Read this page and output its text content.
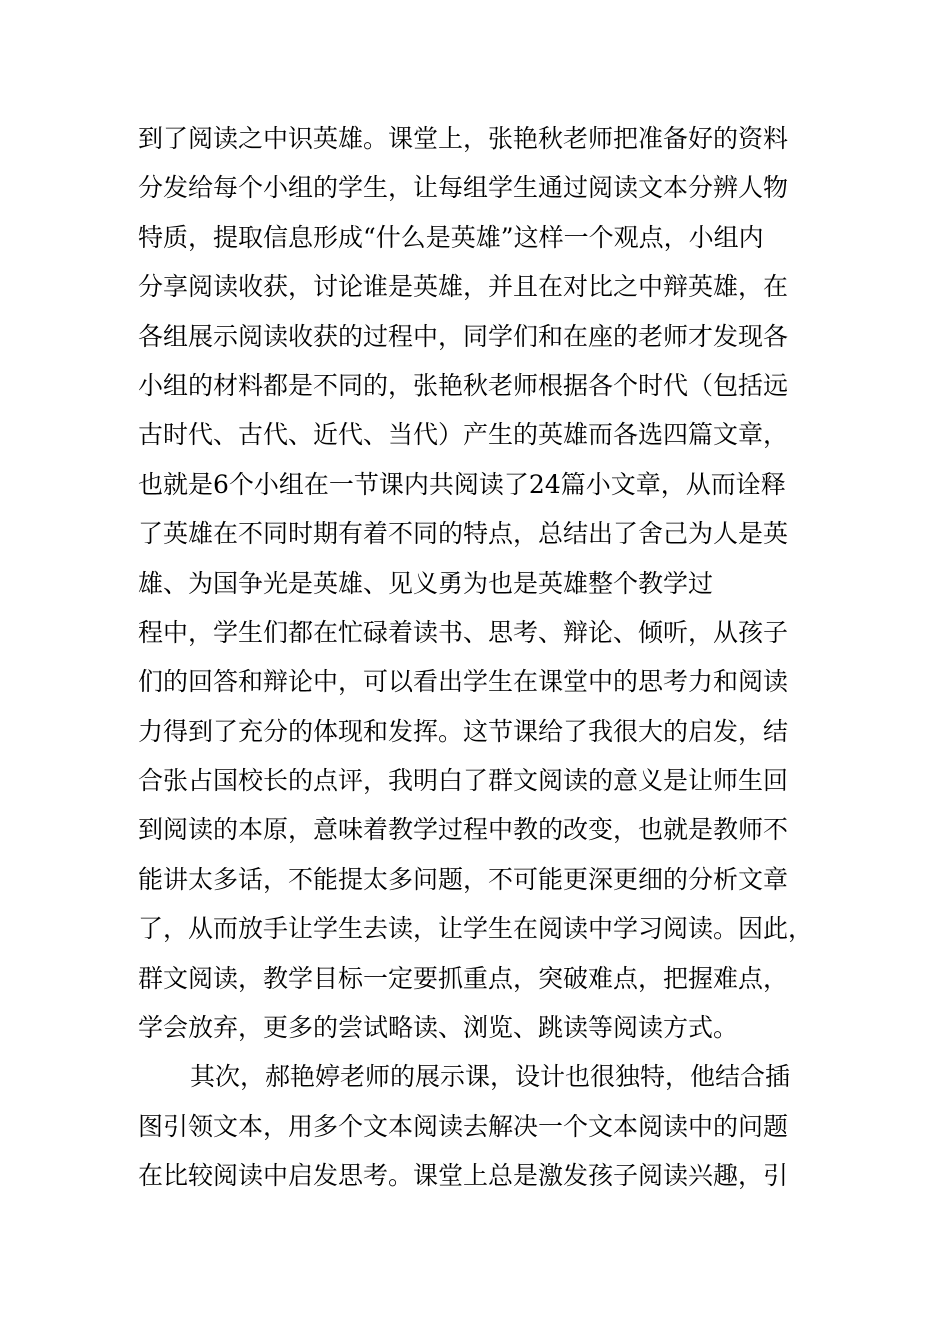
到了阅读之中识英雄。课堂上，张艳秋老师把准备好的资料
分发给每个小组的学生，让每组学生通过阅读文本分辨人物
特质，提取信息形成“什么是英雄”这样一个观点，小组内
分享阅读收获，讨论谁是英雄，并且在对比之中辩英雄，在
各组展示阅读收获的过程中，同学们和在座的老师才发现各
小组的材料都是不同的，张艳秋老师根据各个时代（包括远
古时代、古代、近代、当代）产生的英雄而各选四篇文章，
也就是6个小组在一节课内共阅读了24篇小文章，从而诠释
了英雄在不同时期有着不同的特点，总结出了舍己为人是英
雄、为国争光是英雄、见义勇为也是英雄整个教学过
程中，学生们都在忙碌着读书、思考、辩论、倾听，从孩子
们的回答和辩论中，可以看出学生在课堂中的思考力和阅读
力得到了充分的体现和发挥。这节课给了我很大的启发，结
合张占国校长的点评，我明白了群文阅读的意义是让师生回
到阅读的本原，意味着教学过程中教的改变，也就是教师不
能讲太多话，不能提太多问题，不可能更深更细的分析文章
了，从而放手让学生去读，让学生在阅读中学习阅读。因此，
群文阅读，教学目标一定要抓重点，突破难点，把握难点，
学会放弃，更多的尝试略读、浏览、跳读等阅读方式。
其次，郝艳婷老师的展示课，设计也很独特，他结合插
图引领文本，用多个文本阅读去解决一个文本阅读中的问题
在比较阅读中启发思考。课堂上总是激发孩子阅读兴趣，引
